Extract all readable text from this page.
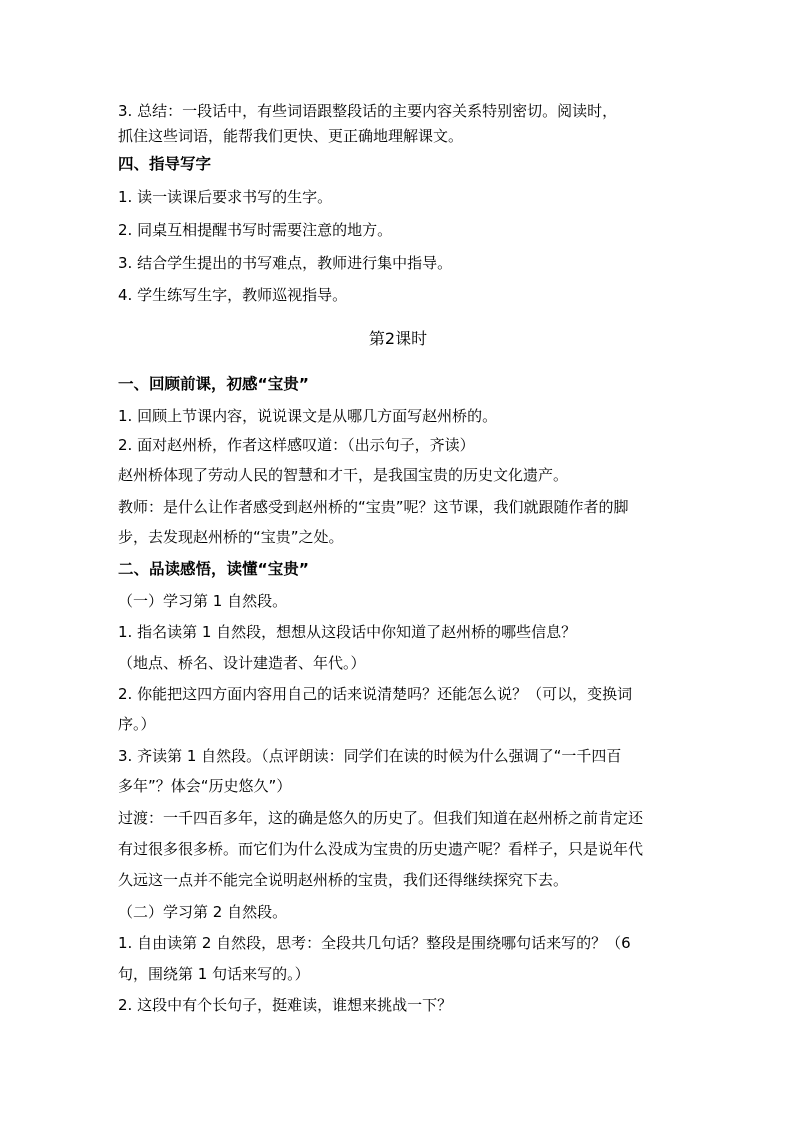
3. 总结：一段话中，有些词语跟整段话的主要内容关系特别密切。阅读时，
抓住这些词语，能帮我们更快、更正确地理解课文。
四、指导写字
1. 读一读课后要求书写的生字。
2. 同桌互相提醒书写时需要注意的地方。
3. 结合学生提出的书写难点，教师进行集中指导。
4. 学生练写生字，教师巡视指导。
第2课时
一、回顾前课，初感“宝贵”
1. 回顾上节课内容，说说课文是从哪几方面写赵州桥的。
2. 面对赵州桥，作者这样感叹道：（出示句子，齐读）
赵州桥体现了劳动人民的智慧和才干，是我国宝贵的历史文化遗产。
教师：是什么让作者感受到赵州桥的“宝贵”呢？这节课，我们就跟随作者的脚
步，去发现赵州桥的“宝贵”之处。
二、品读感悟，读懂“宝贵”
（一）学习第 1 自然段。
1. 指名读第 1 自然段，想想从这段话中你知道了赵州桥的哪些信息？
（地点、桥名、设计建造者、年代。）
2. 你能把这四方面内容用自己的话来说清楚吗？还能怎么说？（可以，变换词
序。）
3. 齐读第 1 自然段。（点评朗读：同学们在读的时候为什么强调了“一千四百
多年”？体会“历史悠久”）
过渡：一千四百多年，这的确是悠久的历史了。但我们知道在赵州桥之前肯定还
有过很多很多桥。而它们为什么没成为宝贵的历史遗产呢？看样子，只是说年代
久远这一点并不能完全说明赵州桥的宝贵，我们还得继续探究下去。
（二）学习第 2 自然段。
1. 自由读第 2 自然段，思考：全段共几句话？整段是围绕哪句话来写的？（6
句，围绕第 1 句话来写的。）
2. 这段中有个长句子，挺难读，谁想来挑战一下？
